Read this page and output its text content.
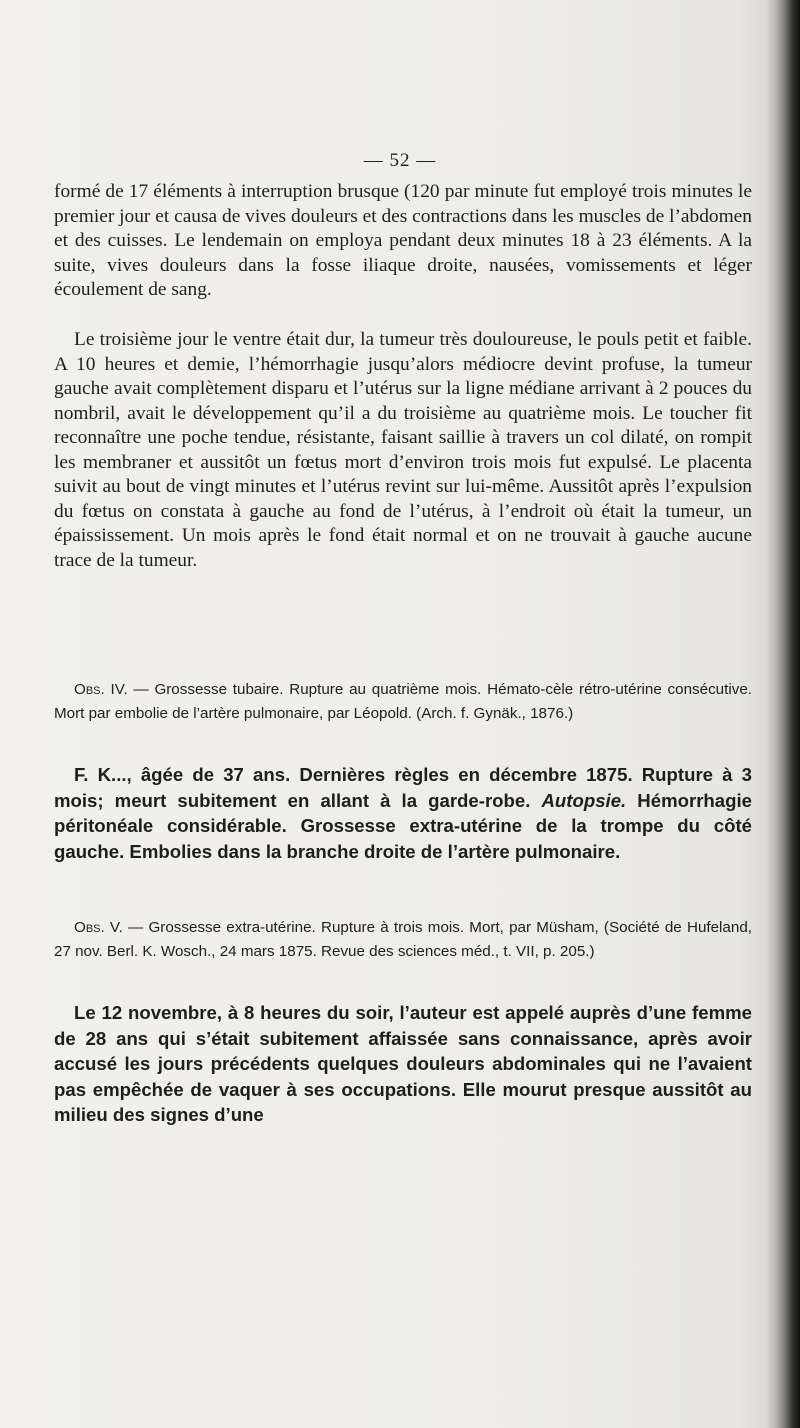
— 52 —

formé de 17 éléments à interruption brusque (120 par minute fut employé trois minutes le premier jour et causa de vives douleurs et des contractions dans les muscles de l’abdomen et des cuisses. Le lendemain on employa pendant deux minutes 18 à 23 éléments. A la suite, vives douleurs dans la fosse iliaque droite, nausées, vomissements et léger écoulement de sang.

Le troisième jour le ventre était dur, la tumeur très douloureuse, le pouls petit et faible. A 10 heures et demie, l’hémorrhagie jusqu’alors médiocre devint profuse, la tumeur gauche avait complètement disparu et l’utérus sur la ligne médiane arrivant à 2 pouces du nombril, avait le développement qu’il a du troisième au quatrième mois. Le toucher fit reconnaître une poche tendue, résistante, faisant saillie à travers un col dilaté, on rompit les membraner et aussitôt un fœtus mort d’environ trois mois fut expulsé. Le placenta suivit au bout de vingt minutes et l’utérus revint sur lui-même. Aussitôt après l’expulsion du fœtus on constata à gauche au fond de l’utérus, à l’endroit où était la tumeur, un épaississement. Un mois après le fond était normal et on ne trouvait à gauche aucune trace de la tumeur.

Obs. IV. — Grossesse tubaire. Rupture au quatrième mois. Hémato-cèle rétro-utérine consécutive. Mort par embolie de l’artère pulmonaire, par Léopold. (Arch. f. Gynäk., 1876.)

F. K..., âgée de 37 ans. Dernières règles en décembre 1875. Rupture à 3 mois; meurt subitement en allant à la garde-robe. Autopsie. Hémorrhagie péritonéale considérable. Grossesse extra-utérine de la trompe du côté gauche. Embolies dans la branche droite de l’artère pulmonaire.

Obs. V. — Grossesse extra-utérine. Rupture à trois mois. Mort, par Müsham, (Société de Hufeland, 27 nov. Berl. K. Wosch., 24 mars 1875. Revue des sciences méd., t. VII, p. 205.)

Le 12 novembre, à 8 heures du soir, l’auteur est appelé auprès d’une femme de 28 ans qui s’était subitement affaissée sans connaissance, après avoir accusé les jours précédents quelques douleurs abdominales qui ne l’avaient pas empêchée de vaquer à ses occupations. Elle mourut presque aussitôt au milieu des signes d’une
